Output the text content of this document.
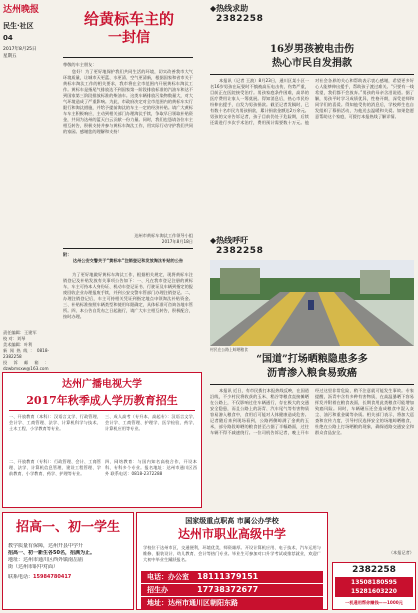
达州晚报
民生·社区
04
2017年8月25日
星期五
责任编辑：王建军
校 对：刘琴
美术编辑：叶利
新闻热线：0818-2382258
投诉邮箱：dzwbmsxw@163.com
给黄标车主的
一封信
尊敬的车主朋友：
您好！为了更好地保护我们共同生活的环境，切实改善我市大气环境质量，让城市天更蓝、水更清、空气更清新，根据国家和省市关于黄标车淘汰工作的相关要求，我市将在全市范围内开展黄标车淘汰工作。黄标车是指尾气排放达不到国家第一阶段排放标准的汽油车和达不到国家第三阶段排放标准的柴油车。这类车辆排放污染物数量大，对大气环境造成了严重影响。为此，市政府决定对全市范围内的黄标车实行限行和淘汰措施，并给予提前淘汰的车主一定的经济补贴。请广大黄标车车主积极响应，主动到相关部门办理淘汰手续，争取早日领取补贴资金，共同为达州的蓝天白云贡献一份力量。同时，我们也恳请各位车主相互转告，积极支持并参与黄标车淘汰工作，用实际行动守护我们共同的家园。感谢您的理解和支持！
达州市黄标车淘汰工作领导小组
2017年8月18日
附：
达州公安交警关于“黄标车”注销登记和发放淘汰补贴的公告
为了更好地做好黄标车淘汰工作，根据相关规定，现将黄标车注销登记及补贴发放有关事项公告如下：一、凡在我市登记注册的黄标车，车主可持本人身份证、机动车登记证书、行驶证及车辆到指定的报废回收企业办理报废手续，并到公安交警车管部门办理注销登记。二、办理注销登记后，车主可持相关凭证到指定地点申领淘汰补贴资金。三、补贴标准按照车辆类型和使用年限确定，具体标准可咨询各地车管所。四、本公告自发布之日起施行，请广大车主相互转告，积极配合，按时办理。
达州广播电视大学
2017年秋季成人学历教育招生
一、开放教育（本科）：汉语言文学、行政管理、会计学、工商管理、法学、计算机科学与技术、土木工程、小学教育等专业。
二、开放教育（专科）：行政管理、会计、工商管理、法学、计算机信息管理、建设工程管理、学前教育、小学教育、药学、护理等专业。
三、成人高考（专升本、高起专）：汉语言文学、会计学、工商管理、护理学、医学检验、药学、计算机应用等专业。
四、网络教育：与国内知名高校合作，开设本科、专科多个专业。报名地址：达州市通川区西外 联系电话：0818-2372288
招高一、初一学生
教学质量有保障，达州开县中学升
招高一、初一新生各50名，招满为止。
地址：达州市通川区西外镇南岳庙
街（达州市职中对面）
联系电话：15984780417
国家级重点职高 市属公办学校
达州市职业高级中学
学校位于达州市区，交通便利，环境优美，师资雄厚。开设计算机应用、电子技术、汽车运用与维修、服装设计、幼儿教育、会计等热门专业。毕业生可参加对口升学考试或推荐就业，欢迎广大初中毕业生踊跃报名。
电话：办公室 18111379151
招生办	17738372677
地址：达州市通川区朝阳东路
◆热线求助
2382258
16岁男孩被电击伤
热心市民自发捐款
本报讯（记者 王波）8月23日，通川区某小区一名16岁男孩在玩耍时不慎被高压电击伤，伤势严重，目前正在医院接受治疗。男孩家庭条件困难，高昂的医疗费用让家人一筹莫展。得知消息后，热心市民纷纷伸出援手，自发为男孩捐款。截至记者发稿时，已有数十名市民为男孩捐款，累计捐款金额达2万余元。男孩的父亲告诉记者，孩子目前仍处于危险期，后续还需进行多次手术治疗，费用预计需要数十万元。他对社会各界的关心和帮助表示衷心感谢，希望更多好心人能够伸出援手，帮助孩子渡过难关。“只要有一线希望，我们都不会放弃。”男孩的母亲含泪说道。据了解，男孩平时学习成绩优异，性格开朗，深受老师和同学们的喜爱。得知他受伤的消息后，学校师生也自发组织了募捐活动，为他送去温暖和关爱。如果您愿意帮助这个家庭，可拨打本报热线了解详情。
◆热线呼吁
2382258
村民在公路上晾晒粮食
“国道”打场晒粮隐患多多
沥青渗入粮食易致癌
本报讯 近日，有市民拨打本报热线反映，在国道沿线，不少村民将收获的玉米、稻谷等粮食直接摊晒在公路上，不仅影响过往车辆通行，存在极大的交通安全隐患，而且公路上的沥青、汽车尾气等有害物质容易渗入粮食中，食用后可能对人体健康造成危害。记者随后来到现场看到，公路两侧晾满了金黄的玉米，部分路段晾晒的粮食甚至占据了半幅路面，过往车辆不得不减速绕行。一位司机告诉记者，晚上开车经过这里非常危险，稍不注意就可能发生事故。专家提醒，沥青中含有多种有害物质，在高温暴晒下容易挥发并附着在粮食表面，长期食用此类粮食可能增加致癌风险。同时，车辆碾压还会造成粮食中混入灰尘、油污和重金属等杂质。相关部门表示，将加大巡查和宣传力度，引导村民选择安全的场地晾晒粮食，杜绝在公路上打场晒粮的现象，确保道路交通安全和群众食品安全。
（本报记者）
2382258
13508180595
15281603220
一机通用帮你赚钱——1000元
